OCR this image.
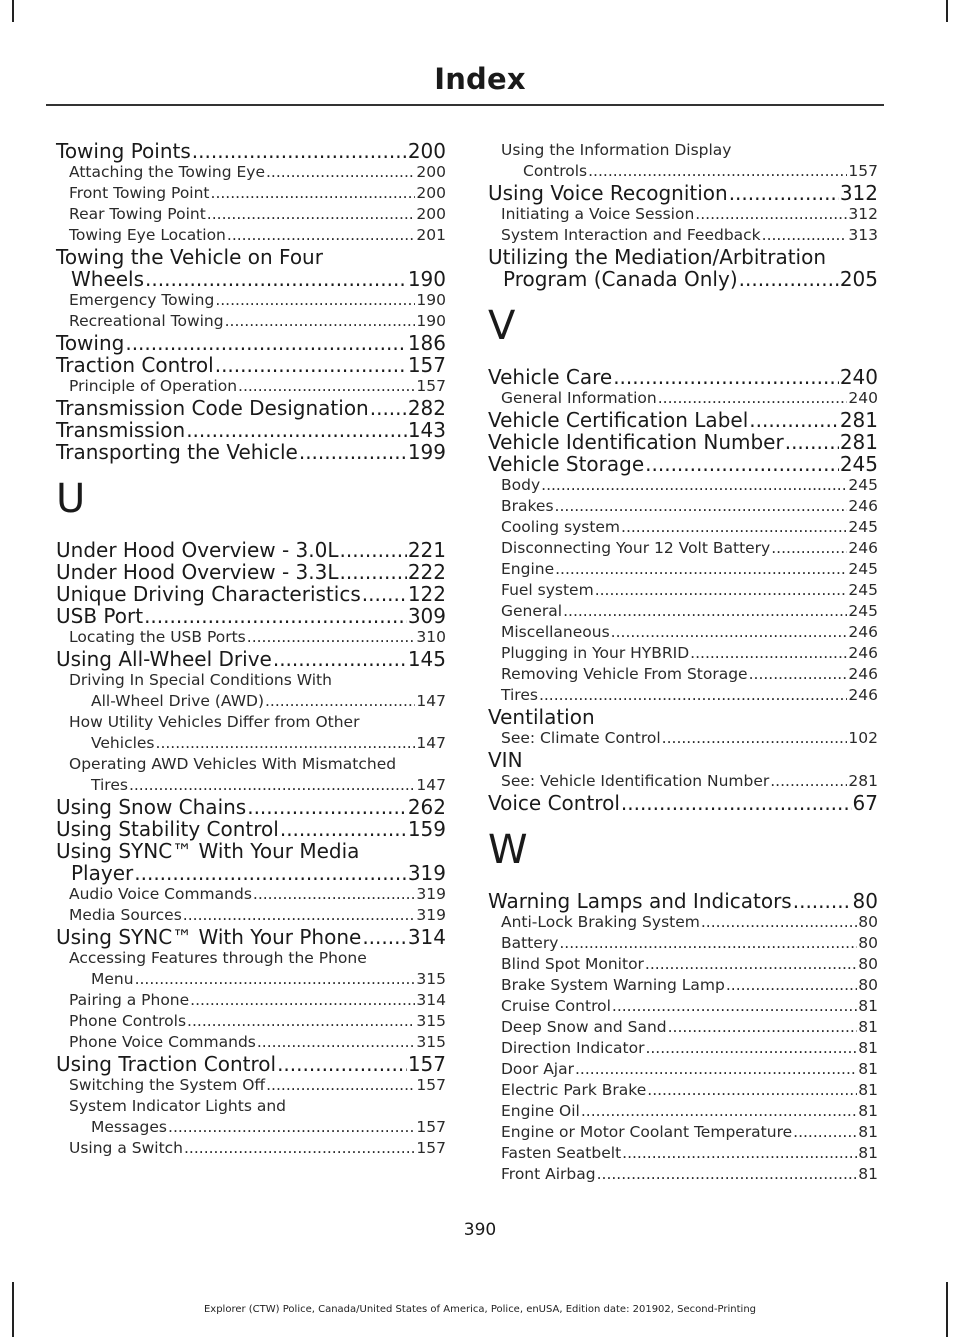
Index
Towing Points .....	200
Attaching the Towing Eye .....	200
Front Towing Point .....	200
Rear Towing Point .....	200
Towing Eye Location .....	201
Towing the Vehicle on Four
Wheels .....	190
Emergency Towing .....	190
Recreational Towing .....	190
Towing .....	186
Traction Control .....	157
Principle of Operation .....	157
Transmission Code Designation ..... 282
Transmission .....	143
Transporting the Vehicle .....	199
U
Under Hood Overview - 3.0L .....	221
Under Hood Overview - 3.3L .....	222
Unique Driving Characteristics ..... 122
USB Port .....	309
Locating the USB Ports .....	310
Using All-Wheel Drive .....	145
Driving In Special Conditions With
All-Wheel Drive (AWD) .....	147
How Utility Vehicles Differ from Other
Vehicles .....	147
Operating AWD Vehicles With Mismatched
Tires .....	147
Using Snow Chains .....	262
Using Stability Control .....	159
Using SYNC™ With Your Media
Player .....	319
Audio Voice Commands .....	319
Media Sources .....	319
Using SYNC™ With Your Phone ..... 314
Accessing Features through the Phone
Menu .....	315
Pairing a Phone .....	314
Phone Controls .....	315
Phone Voice Commands .....	315
Using Traction Control .....	157
Switching the System Off .....	157
System Indicator Lights and
Messages .....	157
Using a Switch .....	157
Using the Information Display
Controls .....	157
Using Voice Recognition .....	312
Initiating a Voice Session .....	312
System Interaction and Feedback .....	313
Utilizing the Mediation/Arbitration
Program (Canada Only) .....	205
V
Vehicle Care .....	240
General Information .....	240
Vehicle Certification Label .....	281
Vehicle Identification Number .....	281
Vehicle Storage .....	245
Body .....	245
Brakes .....	246
Cooling system .....	245
Disconnecting Your 12 Volt Battery .....	246
Engine .....	245
Fuel system .....	245
General .....	245
Miscellaneous .....	246
Plugging in Your HYBRID .....	246
Removing Vehicle From Storage .....	246
Tires .....	246
Ventilation
See: Climate Control .....	102
VIN
See: Vehicle Identification Number .....	281
Voice Control .....	67
W
Warning Lamps and Indicators .....	80
Anti-Lock Braking System .....	80
Battery .....	80
Blind Spot Monitor .....	80
Brake System Warning Lamp .....	80
Cruise Control .....	81
Deep Snow and Sand .....	81
Direction Indicator .....	81
Door Ajar .....	81
Electric Park Brake .....	81
Engine Oil .....	81
Engine or Motor Coolant Temperature .....	81
Fasten Seatbelt .....	81
Front Airbag .....	81
390
Explorer (CTW) Police, Canada/United States of America, Police, enUSA, Edition date: 201902, Second-Printing
